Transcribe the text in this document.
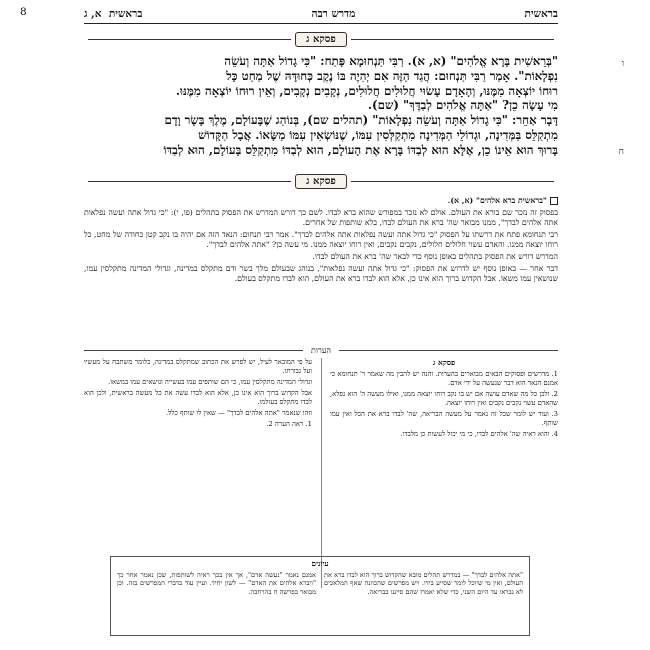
8	בראשית
מדרש רבה
בראשית  א, ג
פסקא ג
ו
ח

"בְּרֵאשִׁית בָּרָא אֱלֹהִים" (א, א). רַבִּי תַּנְחוּמָא פָּתַח: "כִּי גָדוֹל אַתָּה וְעֹשֵׂה

נִפְלָאוֹת". אָמַר רַבִּי תַּנְחוּם: הֲגַד הַזֶּה אִם יְהִיֶה בּוֹ נֶקֶב כְּחוּדָּהּ שֶׁל מַחַט כָּל

רוּחוֹ יוֹצְאָה מִמֶּנּוּ, וְהָאָדָם עָשׂוּי חֲלוּלִים חֲלוּלִים, נְקָבִים נְקָבִים, וְאֵין רוּחוֹ יוֹצְאָה מִמֶּנּוּ.

מִי עָשָׂה כֵן? "אַתָּה אֱלֹהִים לְבַדֶּךָ" (שם).

דָּבָר אַחֵר: "כִּי גָדוֹל אַתָּה וְעֹשֵׂה נִפְלָאוֹת" (תהלים שם), בְּנוֹהַג שֶׁבָּעוֹלָם, מֶלֶךְ בָּשָׂר וָדָם

מִתְקַלֵּס בַּמְּדִינָה, וּגְדוֹלֵי הַמְּדִינָה מִתְקַלְּסִין עִמּוֹ, שֶׁנּוֹשְׂאִין עִמּוֹ מַשָּׂאוֹ. אֲבָל הַקָּדוֹשׁ

בָּרוּךְ הוּא אֵינוֹ כֵן, אֶלָּא הוּא לְבַדּוֹ בָּרָא אֶת הָעוֹלָם, הוּא לְבַדּוֹ מִתְקַלֵּס בָּעוֹלָם, הוּא לְבַדּוֹ

פסקא ג

"בראשית ברא אלהים" (א, א).

בפסוק זה נזכר שם בורא את העולם. אולם לא נזכר במפורש שהוא ברא לבדו. לשם כך דורש המדרש את הפסוק בתהלים (פו, י): "כי גדול אתה ועשה נפלאות אתה אלהים לבדך", ממנו מבואר שה' ברא את העולם לבדו, בלא שותפות של אחרים.

רבי תנחומא פתח את דרשתו על הפסוק "כי גדול אתה ועשה נפלאות אתה אלהים לבדך". אמר רבי תנחום: הנאד הזה אם יהיה בו נקב קטן כחודה של מחט, כל רוחו יוצאה ממנו. והאדם עשוי חלולים חלולים, נקבים נקבים, ואין רוחו יוצאה ממנו. מי עשה כן? "אתה אלהים לבדך".

המדרש דורש את הפסוק בתהלים באופן נוסף כדי לבאר שה' ברא את העולם לבדו.

דבר אחר — באופן נוסף יש לדרוש את הפסוק: "כי גדול אתה ועשה נפלאות", בנוהג שבעולם מלך בשר ודם מתקלס במדינה, וגדולי המדינה מתקלסין עמו, שנושאין עמו משאו. אבל הקדוש ברוך הוא אינו כן, אלא הוא לבדו ברא את העולם, הוא לבדו מתקלס בעולם.

הערות
פסקא ג

1. מדרשים ופסוקים הבאים מבוארים בהערות. והנה יש להבין מה שאמר ר' תנחומא כי אמנם הנאד הוא דבר שנעשה על ידי אדם.

2. ולכן כל מה שאדם עושה אם יש בו נקב רוחו יוצאה ממנו, ואילו מעשה ה' הוא נפלא, שהאדם עשוי נקבים נקבים ואין רוחו יוצאה.

3. ועוד יש לומר שכל זה נאמר על מעשה הבריאה, שה' לבדו ברא את הכל ואין עמו שותף.

4. והוא ראיה שה' אלהים לבדו, כי מי יכול לעשות כן מלבדו.

על פי המובאר לעיל, יש לפרש את הכתוב שמתקלס במדינה, כלומר משתבח על מעשיו ועל גבורתו.

וגדולי המדינה מתקלסין עמו, כי הם שותפים עמו בעשייה ונושאים עמו במשאו.

אבל הקדוש ברוך הוא אינו כן, אלא הוא לבדו עשה את כל מעשה בראשית, ולכן הוא לבדו מתקלס בעולמו.

וזהו שנאמר "אתה אלהים לבדך" — שאין לו שותף כלל.

1. ראה הערה 2.

עיונים
"אתה אלהים לבדך" — במדרש תהלים מובא שהקדוש ברוך הוא לבדו ברא את העולם, ואין מי שיוכל לומר שסייע בידו. ויש מפרשים שהכוונה שאף המלאכים לא נבראו עד היום השני, כדי שלא יאמרו שהם סייעו בבריאה.
אמנם נאמר "נעשה אדם", אך אין בכך ראיה לשותפות, שכן נאמר אחר כך "ויברא אלהים את האדם" — לשון יחיד. ועיין עוד בדברי המפרשים בזה. וכן מבואר בפרשה ח בהרחבה.
